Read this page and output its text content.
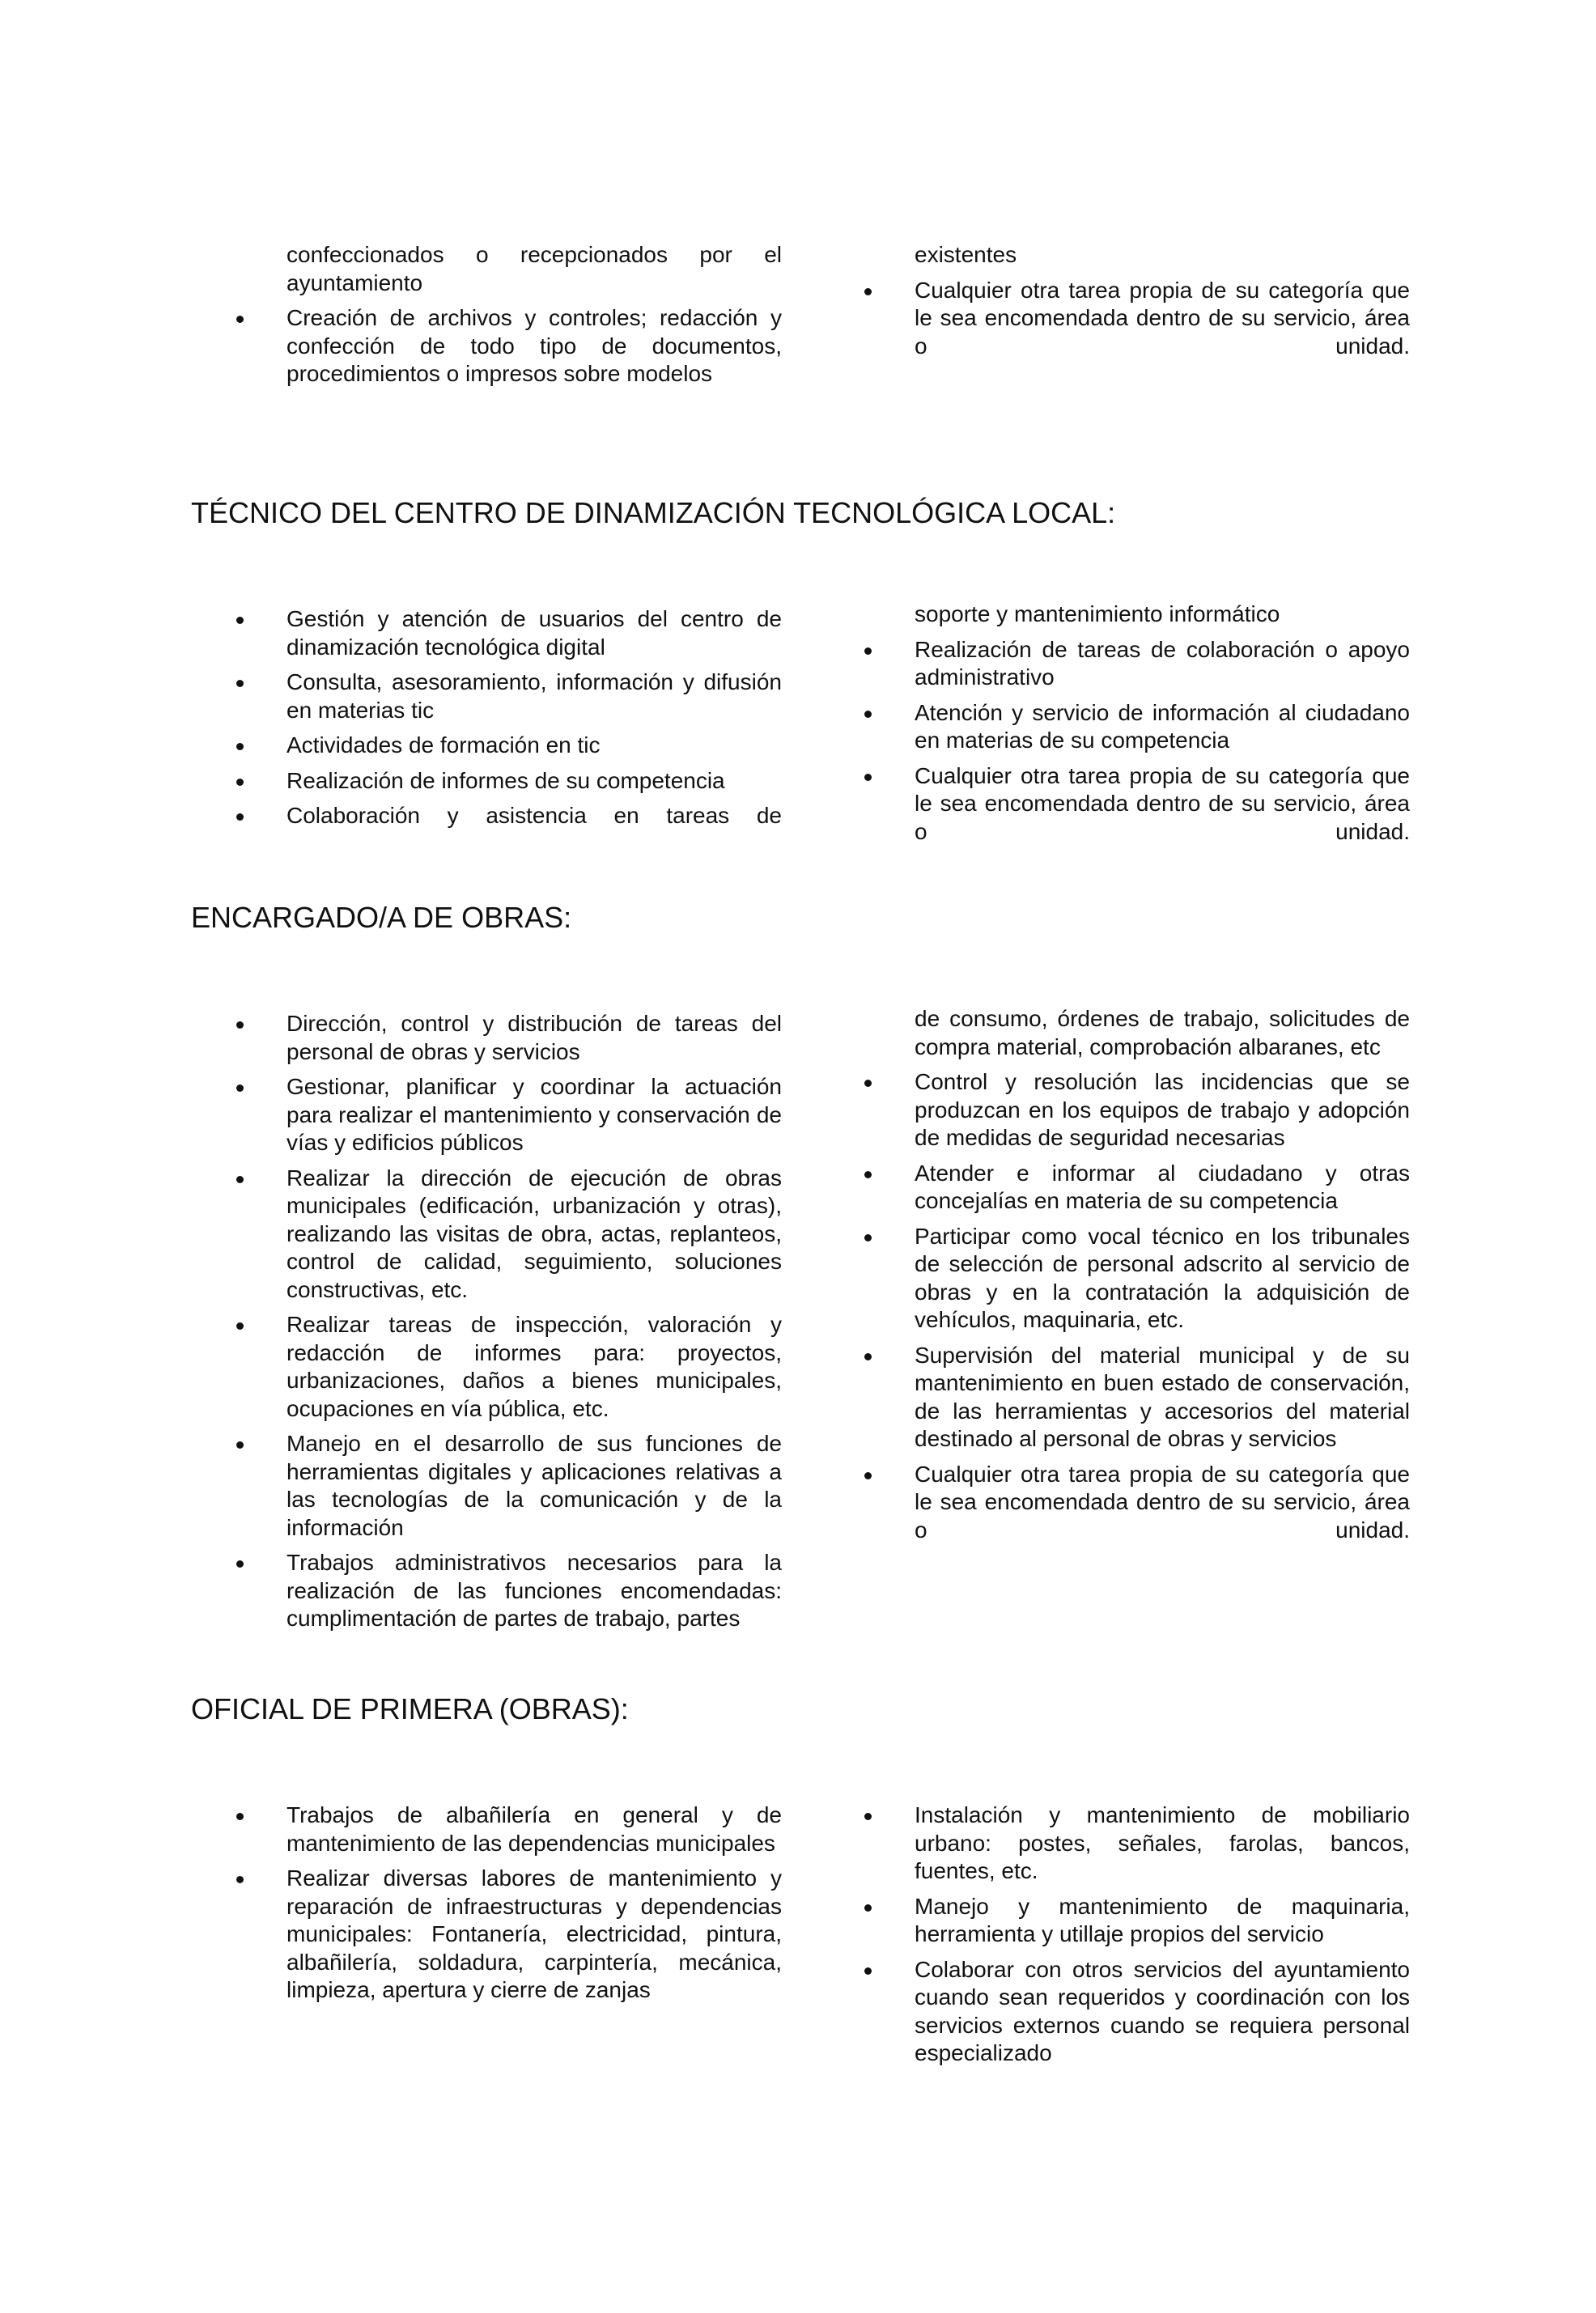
confeccionados o recepcionados por el ayuntamiento

Creación de archivos y controles; redacción y confección de todo tipo de documentos, procedimientos o impresos sobre modelos

existentes

Cualquier otra tarea propia de su categoría que le sea encomendada dentro de su servicio, área o unidad.

TÉCNICO DEL CENTRO DE DINAMIZACIÓN TECNOLÓGICA LOCAL:

Gestión y atención de usuarios del centro de dinamización tecnológica digital

Consulta, asesoramiento, información y difusión en materias tic

Actividades de formación en tic

Realización de informes de su competencia

Colaboración y asistencia en tareas de

soporte y mantenimiento informático

Realización de tareas de colaboración o apoyo administrativo

Atención y servicio de información al ciudadano en materias de su competencia

Cualquier otra tarea propia de su categoría que le sea encomendada dentro de su servicio, área o unidad.

ENCARGADO/A DE OBRAS:

Dirección, control y distribución de tareas del personal de obras y servicios

Gestionar, planificar y coordinar la actuación para realizar el mantenimiento y conservación de vías y edificios públicos

Realizar la dirección de ejecución de obras municipales (edificación, urbanización y otras), realizando las visitas de obra, actas, replanteos, control de calidad, seguimiento, soluciones constructivas, etc.

Realizar tareas de inspección, valoración y redacción de informes para: proyectos, urbanizaciones, daños a bienes municipales, ocupaciones en vía pública, etc.

Manejo en el desarrollo de sus funciones de herramientas digitales y aplicaciones relativas a las tecnologías de la comunicación y de la información

Trabajos administrativos necesarios para la realización de las funciones encomendadas: cumplimentación de partes de trabajo, partes

de consumo, órdenes de trabajo, solicitudes de compra material, comprobación albaranes, etc

Control y resolución las incidencias que se produzcan en los equipos de trabajo y adopción de medidas de seguridad necesarias

Atender e informar al ciudadano y otras concejalías en materia de su competencia

Participar como vocal técnico en los tribunales de selección de personal adscrito al servicio de obras y en la contratación la adquisición de vehículos, maquinaria, etc.

Supervisión del material municipal y de su mantenimiento en buen estado de conservación, de las herramientas y accesorios del material destinado al personal de obras y servicios

Cualquier otra tarea propia de su categoría que le sea encomendada dentro de su servicio, área o unidad.

OFICIAL DE PRIMERA (OBRAS):

Trabajos de albañilería en general y de mantenimiento de las dependencias municipales

Realizar diversas labores de mantenimiento y reparación de infraestructuras y dependencias municipales: Fontanería, electricidad, pintura, albañilería, soldadura, carpintería, mecánica, limpieza, apertura y cierre de zanjas

Instalación y mantenimiento de mobiliario urbano: postes, señales, farolas, bancos, fuentes, etc.

Manejo y mantenimiento de maquinaria, herramienta y utillaje propios del servicio

Colaborar con otros servicios del ayuntamiento cuando sean requeridos y coordinación con los servicios externos cuando se requiera personal especializado
